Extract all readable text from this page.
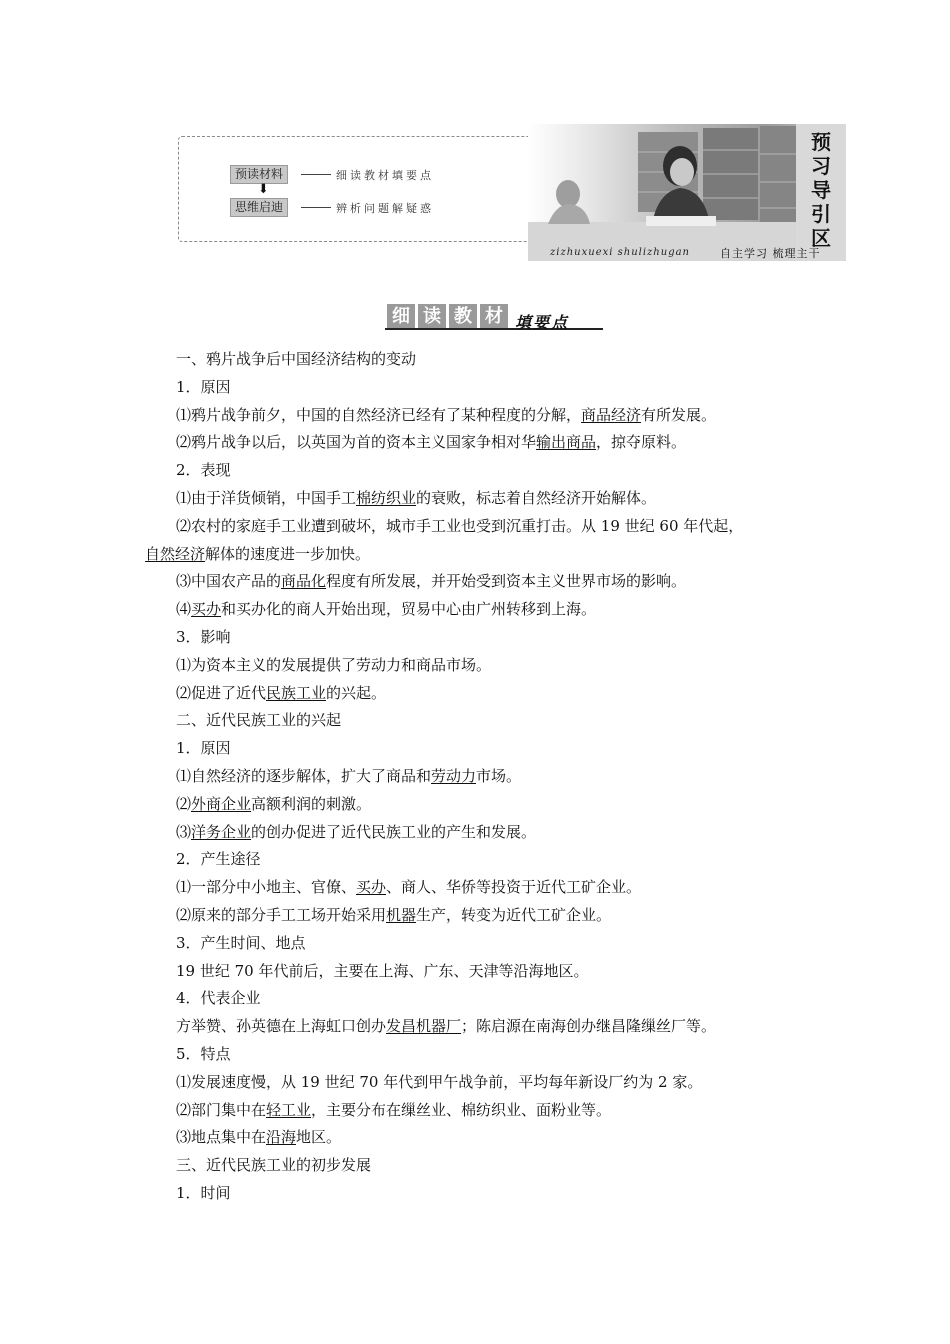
预
习
导
引
区
预读材料	细读教材填要点
⬇
思维启迪	辨析问题解疑惑
zizhuxuexi shulizhugan	自主学习 梳理主干
细 读 教 材 填要点
一、鸦片战争后中国经济结构的变动
1．原因
⑴鸦片战争前夕，中国的自然经济已经有了某种程度的分解，商品经济有所发展。
⑵鸦片战争以后，以英国为首的资本主义国家争相对华输出商品，掠夺原料。
2．表现
⑴由于洋货倾销，中国手工棉纺织业的衰败，标志着自然经济开始解体。
⑵农村的家庭手工业遭到破坏，城市手工业也受到沉重打击。从 19 世纪 60 年代起，
自然经济解体的速度进一步加快。
⑶中国农产品的商品化程度有所发展，并开始受到资本主义世界市场的影响。
⑷买办和买办化的商人开始出现，贸易中心由广州转移到上海。
3．影响
⑴为资本主义的发展提供了劳动力和商品市场。
⑵促进了近代民族工业的兴起。
二、近代民族工业的兴起
1．原因
⑴自然经济的逐步解体，扩大了商品和劳动力市场。
⑵外商企业高额利润的刺激。
⑶洋务企业的创办促进了近代民族工业的产生和发展。
2．产生途径
⑴一部分中小地主、官僚、买办、商人、华侨等投资于近代工矿企业。
⑵原来的部分手工工场开始采用机器生产，转变为近代工矿企业。
3．产生时间、地点
19 世纪 70 年代前后，主要在上海、广东、天津等沿海地区。
4．代表企业
方举赞、孙英德在上海虹口创办发昌机器厂；陈启源在南海创办继昌隆缫丝厂等。
5．特点
⑴发展速度慢，从 19 世纪 70 年代到甲午战争前，平均每年新设厂约为 2 家。
⑵部门集中在轻工业，主要分布在缫丝业、棉纺织业、面粉业等。
⑶地点集中在沿海地区。
三、近代民族工业的初步发展
1．时间
